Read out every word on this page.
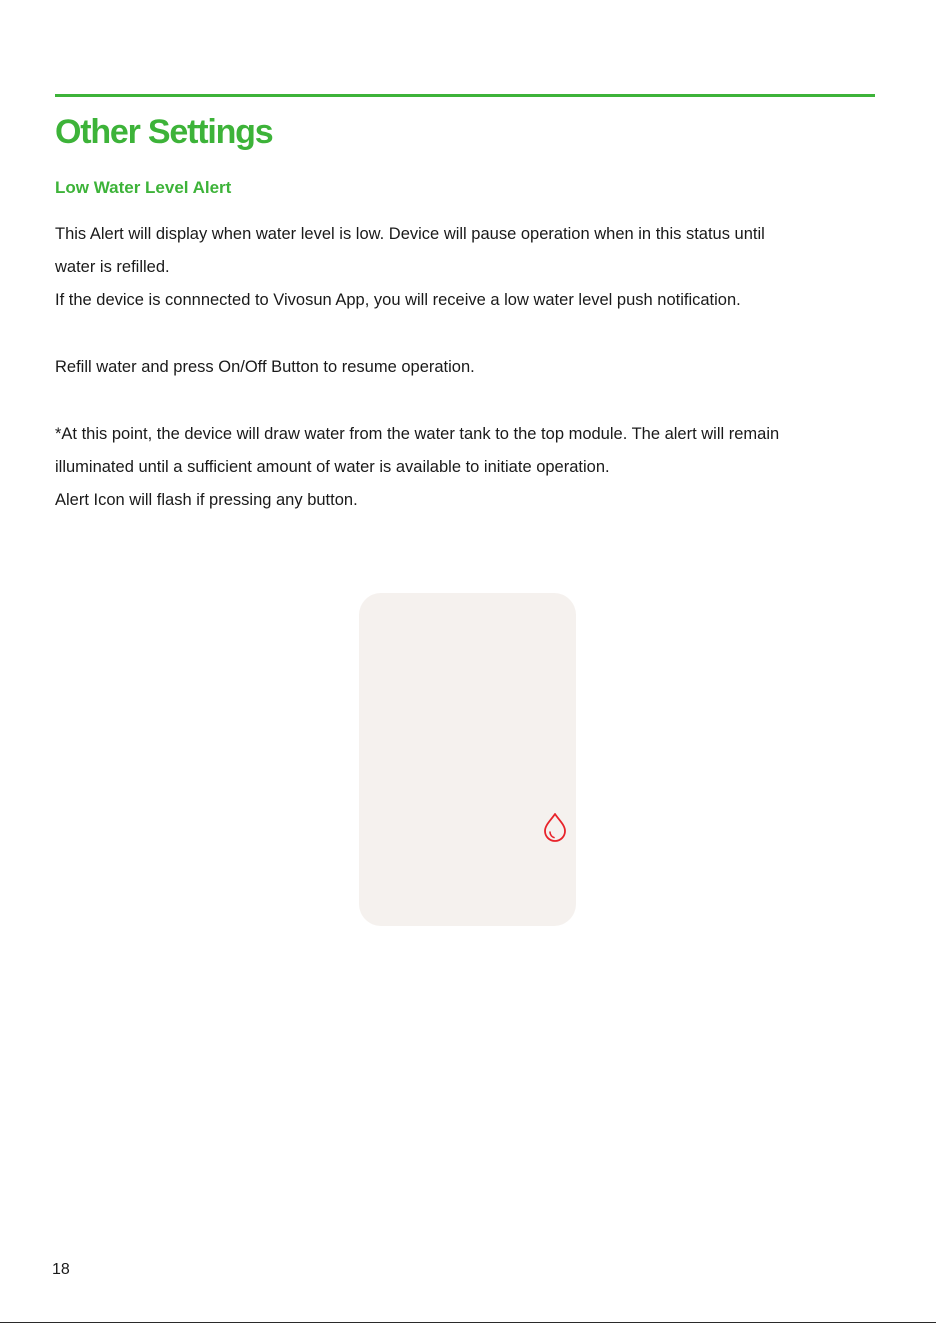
Other Settings
Low Water Level Alert

This Alert will display when water level is low. Device will pause operation when in this status until
water is refilled.
If the device is connnected to Vivosun App, you will receive a low water level push notification.

Refill water and press On/Off Button to resume operation.

*At this point, the device will draw water from the water tank to the top module. The alert will remain
illuminated until a sufficient amount of water is available to initiate operation.
Alert Icon will flash if pressing any button.

18
